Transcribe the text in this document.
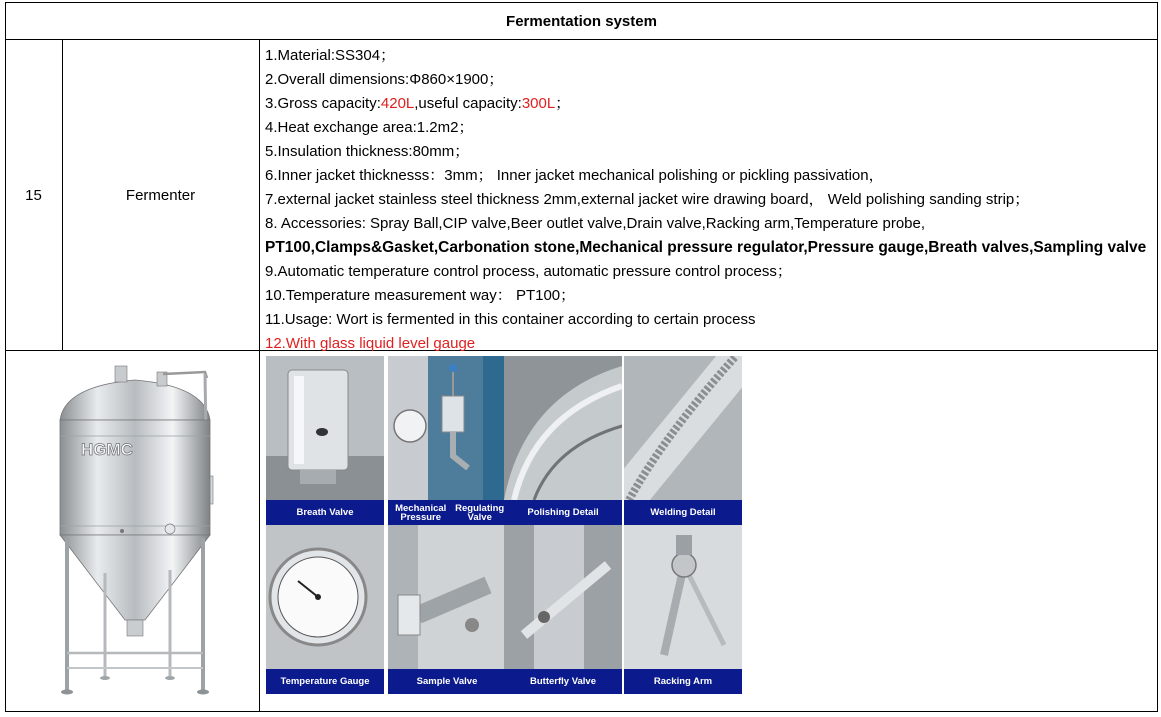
Fermentation system
15	Fermenter
1.Material:SS304；
2.Overall dimensions:Φ860×1900；
3.Gross capacity:420L,useful capacity:300L；
4.Heat exchange area:1.2m2；
5.Insulation thickness:80mm；
6.Inner jacket thicknesss：3mm； Inner jacket mechanical polishing or pickling passivation，
7.external jacket stainless steel thickness 2mm,external jacket wire drawing board， Weld polishing sanding strip；
8. Accessories: Spray Ball,CIP valve,Beer outlet valve,Drain valve,Racking arm,Temperature probe,
PT100,Clamps&Gasket,Carbonation stone,Mechanical pressure regulator,Pressure gauge,Breath valves,Sampling valve
9.Automatic temperature control process, automatic pressure control process；
10.Temperature measurement way： PT100；
11.Usage: Wort is fermented in this container according to certain process
12.With glass liquid level gauge
HGMC
Breath Valve	Mechanical Pressure
Regulating Valve	Polishing Detail	Welding Detail
Temperature Gauge	Sample Valve	Butterfly Valve	Racking Arm
